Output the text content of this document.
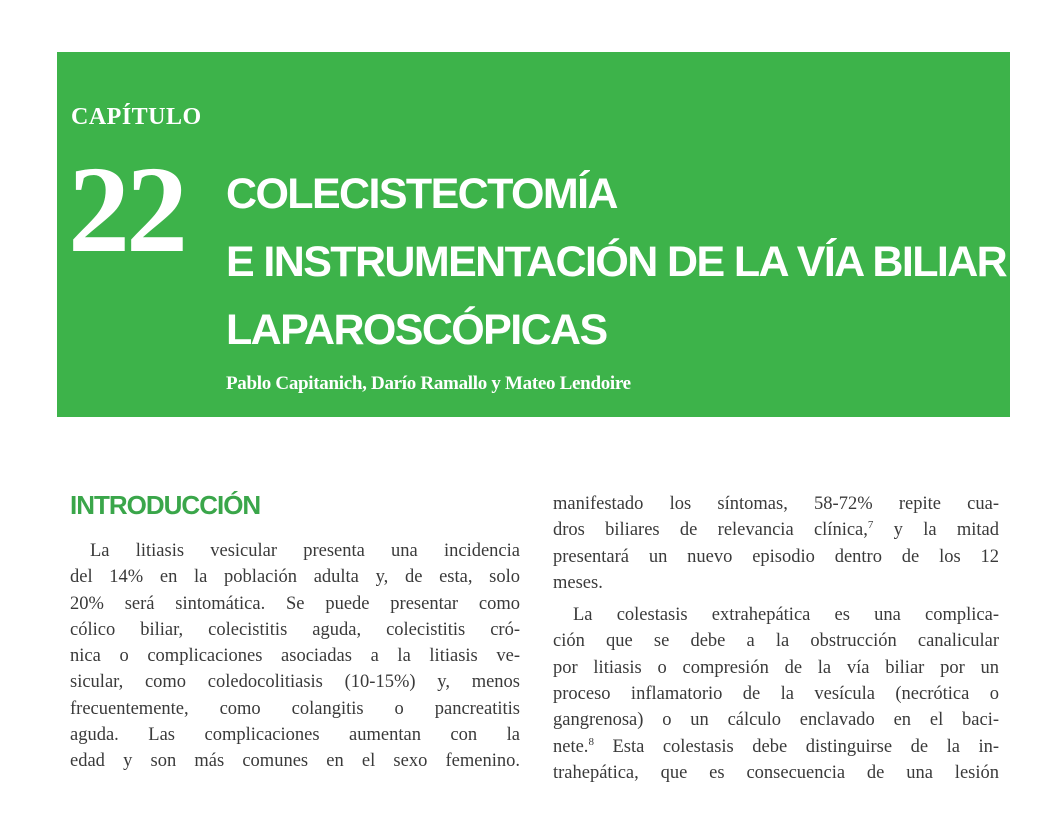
CAPÍTULO
22 COLECISTECTOMÍA
E INSTRUMENTACIÓN DE LA VÍA BILIAR
LAPAROSCÓPICAS
Pablo Capitanich, Darío Ramallo y Mateo Lendoire
INTRODUCCIÓN
La litiasis vesicular presenta una incidencia
del 14% en la población adulta y, de esta, solo
20% será sintomática. Se puede presentar como
cólico biliar, colecistitis aguda, colecistitis cró-
nica o complicaciones asociadas a la litiasis ve-
sicular, como coledocolitiasis (10-15%) y, menos
frecuentemente, como colangitis o pancreatitis
aguda. Las complicaciones aumentan con la
edad y son más comunes en el sexo femenino.
manifestado los síntomas, 58-72% repite cua-
dros biliares de relevancia clínica,$^7$ y la mitad
presentará un nuevo episodio dentro de los 12
meses.
La colestasis extrahepática es una complica-
ción que se debe a la obstrucción canalicular
por litiasis o compresión de la vía biliar por un
proceso inflamatorio de la vesícula (necrótica o
gangrenosa) o un cálculo enclavado en el baci-
nete.$^8$ Esta colestasis debe distinguirse de la in-
trahepática, que es consecuencia de una lesión
